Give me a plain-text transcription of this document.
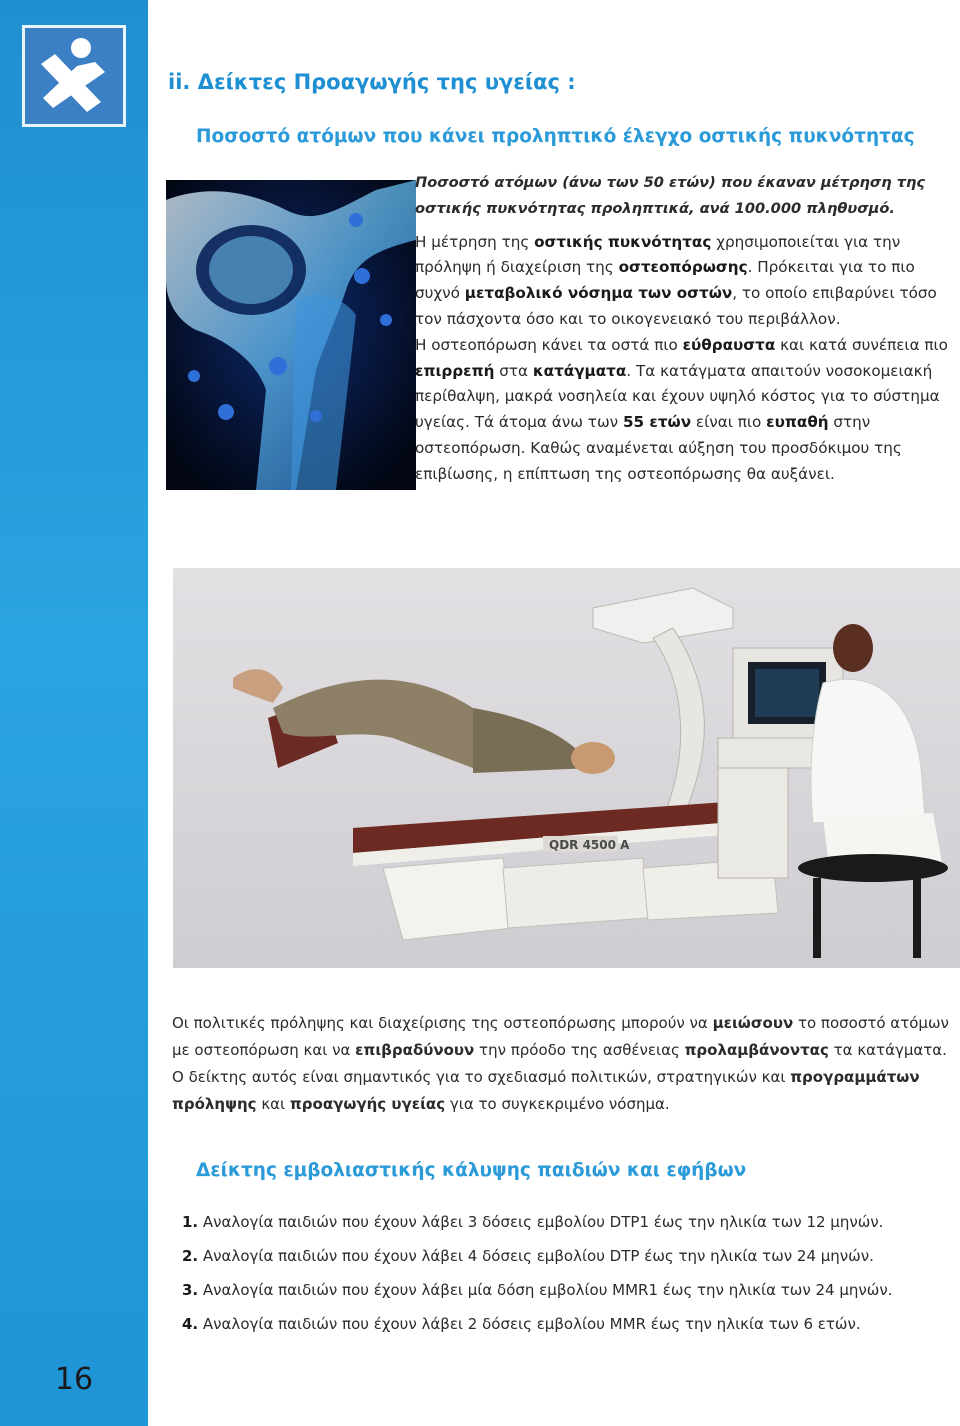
16
ii. Δείκτες Προαγωγής της υγείας :
Ποσοστό ατόμων που κάνει προληπτικό έλεγχο οστικής πυκνότητας

Ποσοστό ατόμων (άνω των 50 ετών) που έκαναν μέτρηση της οστικής πυκνότητας προληπτικά, ανά 100.000 πληθυσμό.

Η μέτρηση της οστικής πυκνότητας χρησιμοποιείται για την πρόληψη ή διαχείριση της οστεοπόρωσης. Πρόκειται για το πιο συχνό μεταβολικό νόσημα των οστών, το οποίο επιβαρύνει τόσο τον πάσχοντα όσο και το οικογενειακό του περιβάλλον.

Η οστεοπόρωση κάνει τα οστά πιο εύθραυστα και κατά συνέπεια πιο επιρρεπή στα κατάγματα. Τα κατάγματα απαιτούν νοσοκομειακή περίθαλψη, μακρά νοσηλεία και έχουν υψηλό κόστος για το σύστημα υγείας. Τά άτομα άνω των 55 ετών είναι πιο ευπαθή στην οστεοπόρωση. Καθώς αναμένεται αύξηση του προσδόκιμου της επιβίωσης, η επίπτωση της οστεοπόρωσης θα αυξάνει.

QDR 4500 A

Οι πολιτικές πρόληψης και διαχείρισης της οστεοπόρωσης μπορούν να μειώσουν το ποσοστό ατόμων με οστεοπόρωση και να επιβραδύνουν την πρόοδο της ασθένειας προλαμβάνοντας τα κατάγματα. Ο δείκτης αυτός είναι σημαντικός για το σχεδιασμό πολιτικών, στρατηγικών και προγραμμάτων πρόληψης και προαγωγής υγείας για το συγκεκριμένο νόσημα.

Δείκτης εμβολιαστικής κάλυψης παιδιών και εφήβων
1. Αναλογία παιδιών που έχουν λάβει 3 δόσεις εμβολίου DTP1 έως την ηλικία των 12 μηνών.
2. Αναλογία παιδιών που έχουν λάβει 4 δόσεις εμβολίου DTP έως την ηλικία των 24 μηνών.
3. Αναλογία παιδιών που έχουν λάβει μία δόση εμβολίου MMR1 έως την ηλικία των 24 μηνών.
4. Αναλογία παιδιών που έχουν λάβει 2 δόσεις εμβολίου MMR έως την ηλικία των 6 ετών.
